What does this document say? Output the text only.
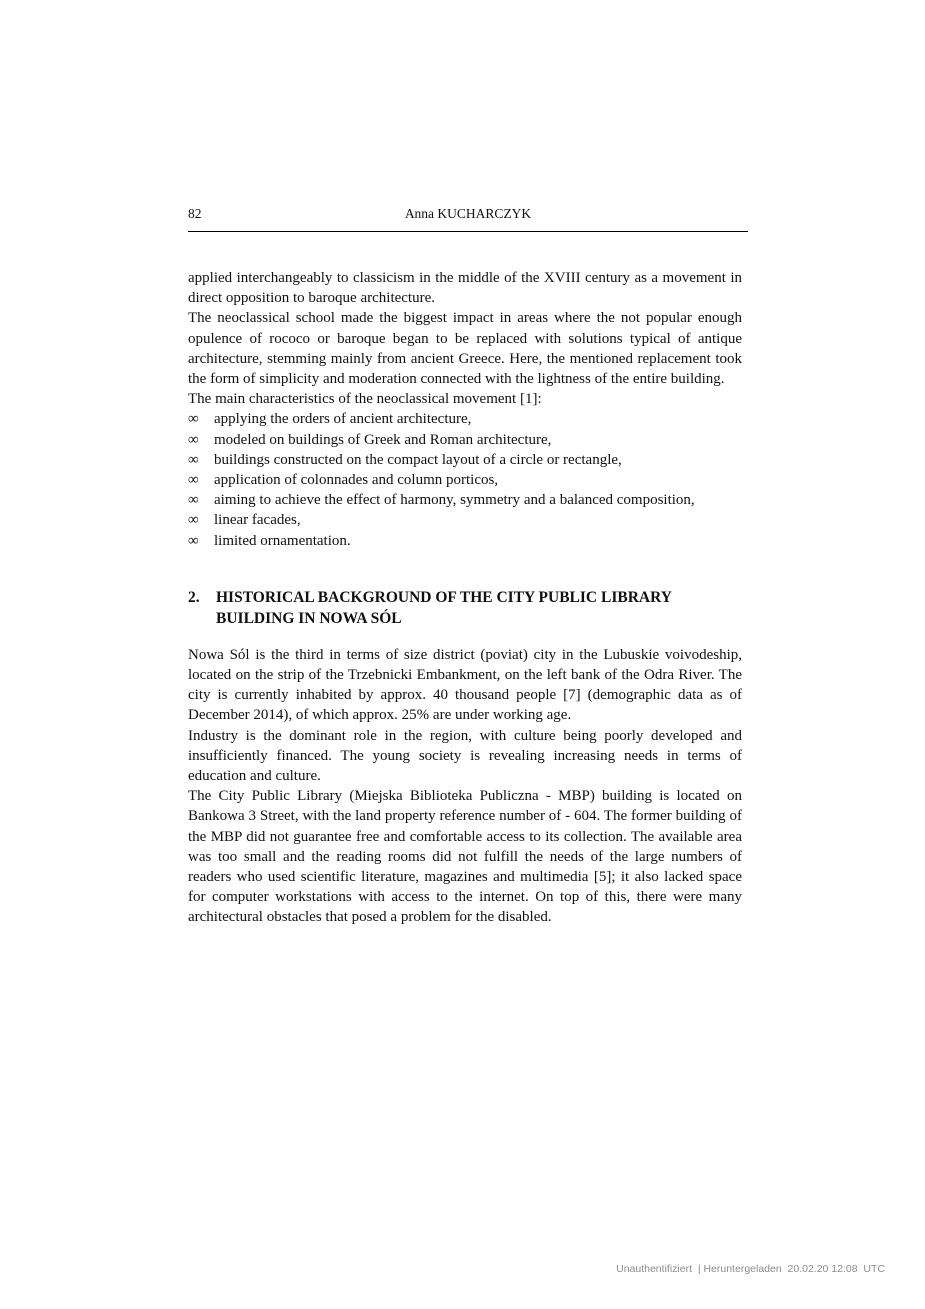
82	Anna KUCHARCZYK

applied interchangeably to classicism in the middle of the XVIII century as a movement in direct opposition to baroque architecture.

The neoclassical school made the biggest impact in areas where the not popular enough opulence of rococo or baroque began to be replaced with solutions typical of antique architecture, stemming mainly from ancient Greece. Here, the mentioned replacement took the form of simplicity and moderation connected with the lightness of the entire building.

The main characteristics of the neoclassical movement [1]:

∞ applying the orders of ancient architecture,
∞ modeled on buildings of Greek and Roman architecture,
∞ buildings constructed on the compact layout of a circle or rectangle,
∞ application of colonnades and column porticos,
∞ aiming to achieve the effect of harmony, symmetry and a balanced composition,
∞ linear facades,
∞ limited ornamentation.
2.	HISTORICAL BACKGROUND OF THE CITY PUBLIC LIBRARY BUILDING IN NOWA SÓL

Nowa Sól is the third in terms of size district (poviat) city in the Lubuskie voivodeship, located on the strip of the Trzebnicki Embankment, on the left bank of the Odra River. The city is currently inhabited by approx. 40 thousand people [7] (demographic data as of December 2014), of which approx. 25% are under working age.

Industry is the dominant role in the region, with culture being poorly developed and insufficiently financed. The young society is revealing increasing needs in terms of education and culture.

The City Public Library (Miejska Biblioteka Publiczna - MBP) building is located on Bankowa 3 Street, with the land property reference number of - 604. The former building of the MBP did not guarantee free and comfortable access to its collection. The available area was too small and the reading rooms did not fulfill the needs of the large numbers of readers who used scientific literature, magazines and multimedia [5]; it also lacked space for computer workstations with access to the internet. On top of this, there were many architectural obstacles that posed a problem for the disabled.

Unauthentifiziert  | Heruntergeladen  20.02.20 12:08  UTC
